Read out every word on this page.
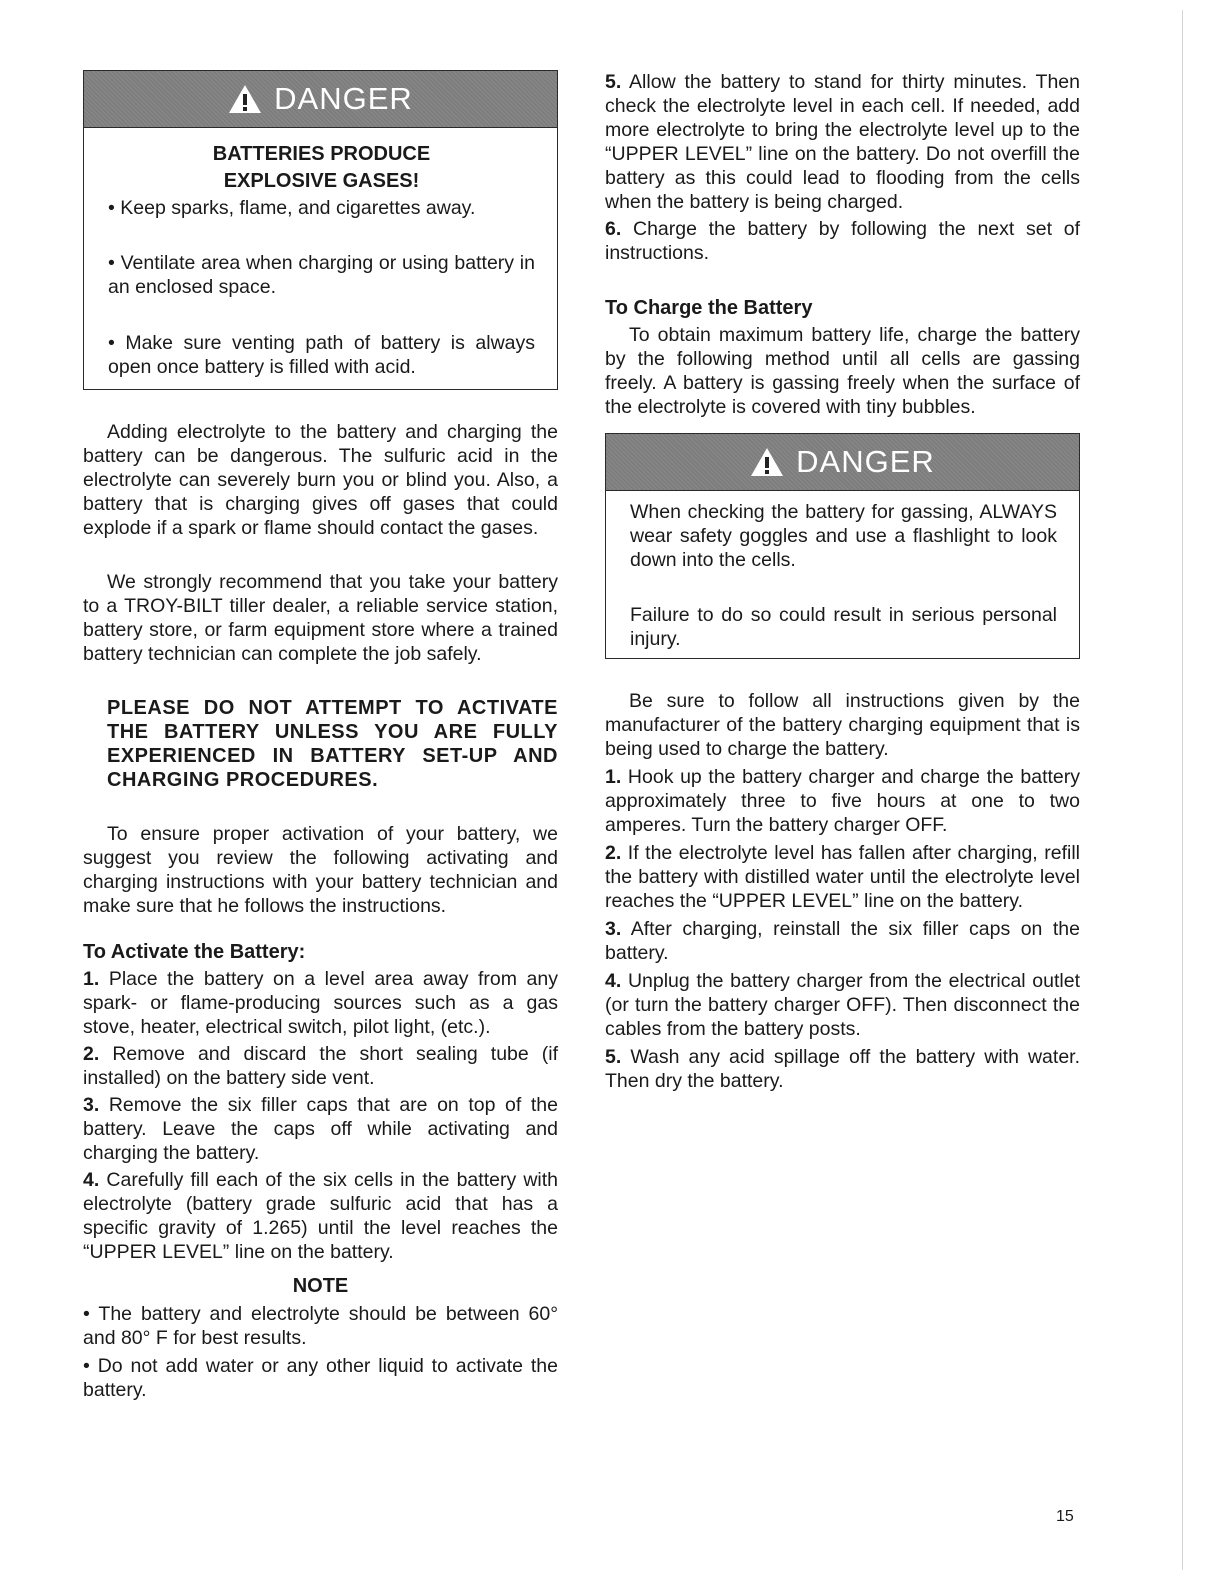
DANGER
BATTERIES PRODUCE
EXPLOSIVE GASES!

• Keep sparks, flame, and cigarettes away.

• Ventilate area when charging or using battery in an enclosed space.

• Make sure venting path of battery is always open once battery is filled with acid.

Adding electrolyte to the battery and charging the battery can be dangerous. The sulfuric acid in the electrolyte can severely burn you or blind you. Also, a battery that is charging gives off gases that could explode if a spark or flame should contact the gases.

We strongly recommend that you take your battery to a TROY-BILT tiller dealer, a reliable service station, battery store, or farm equipment store where a trained battery technician can complete the job safely.

PLEASE DO NOT ATTEMPT TO ACTIVATE THE BATTERY UNLESS YOU ARE FULLY EXPERIENCED IN BATTERY SET-UP AND CHARGING PROCEDURES.

To ensure proper activation of your battery, we suggest you review the following activating and charging instructions with your battery technician and make sure that he follows the instructions.

To Activate the Battery:

1. Place the battery on a level area away from any spark- or flame-producing sources such as a gas stove, heater, electrical switch, pilot light, (etc.).

2. Remove and discard the short sealing tube (if installed) on the battery side vent.

3. Remove the six filler caps that are on top of the battery. Leave the caps off while activating and charging the battery.

4. Carefully fill each of the six cells in the battery with electrolyte (battery grade sulfuric acid that has a specific gravity of 1.265) until the level reaches the “UPPER LEVEL” line on the battery.

NOTE

• The battery and electrolyte should be between 60° and 80° F for best results.

• Do not add water or any other liquid to activate the battery.

5. Allow the battery to stand for thirty minutes. Then check the electrolyte level in each cell. If needed, add more electrolyte to bring the electrolyte level up to the “UPPER LEVEL” line on the battery. Do not overfill the battery as this could lead to flooding from the cells when the battery is being charged.

6. Charge the battery by following the next set of instructions.

To Charge the Battery

To obtain maximum battery life, charge the battery by the following method until all cells are gassing freely. A battery is gassing freely when the surface of the electrolyte is covered with tiny bubbles.

DANGER

When checking the battery for gassing, ALWAYS wear safety goggles and use a flashlight to look down into the cells.

Failure to do so could result in serious personal injury.

Be sure to follow all instructions given by the manufacturer of the battery charging equipment that is being used to charge the battery.

1. Hook up the battery charger and charge the battery approximately three to five hours at one to two amperes. Turn the battery charger OFF.

2. If the electrolyte level has fallen after charging, refill the battery with distilled water until the electrolyte level reaches the “UPPER LEVEL” line on the battery.

3. After charging, reinstall the six filler caps on the battery.

4. Unplug the battery charger from the electrical outlet (or turn the battery charger OFF). Then disconnect the cables from the battery posts.

5. Wash any acid spillage off the battery with water. Then dry the battery.

15
